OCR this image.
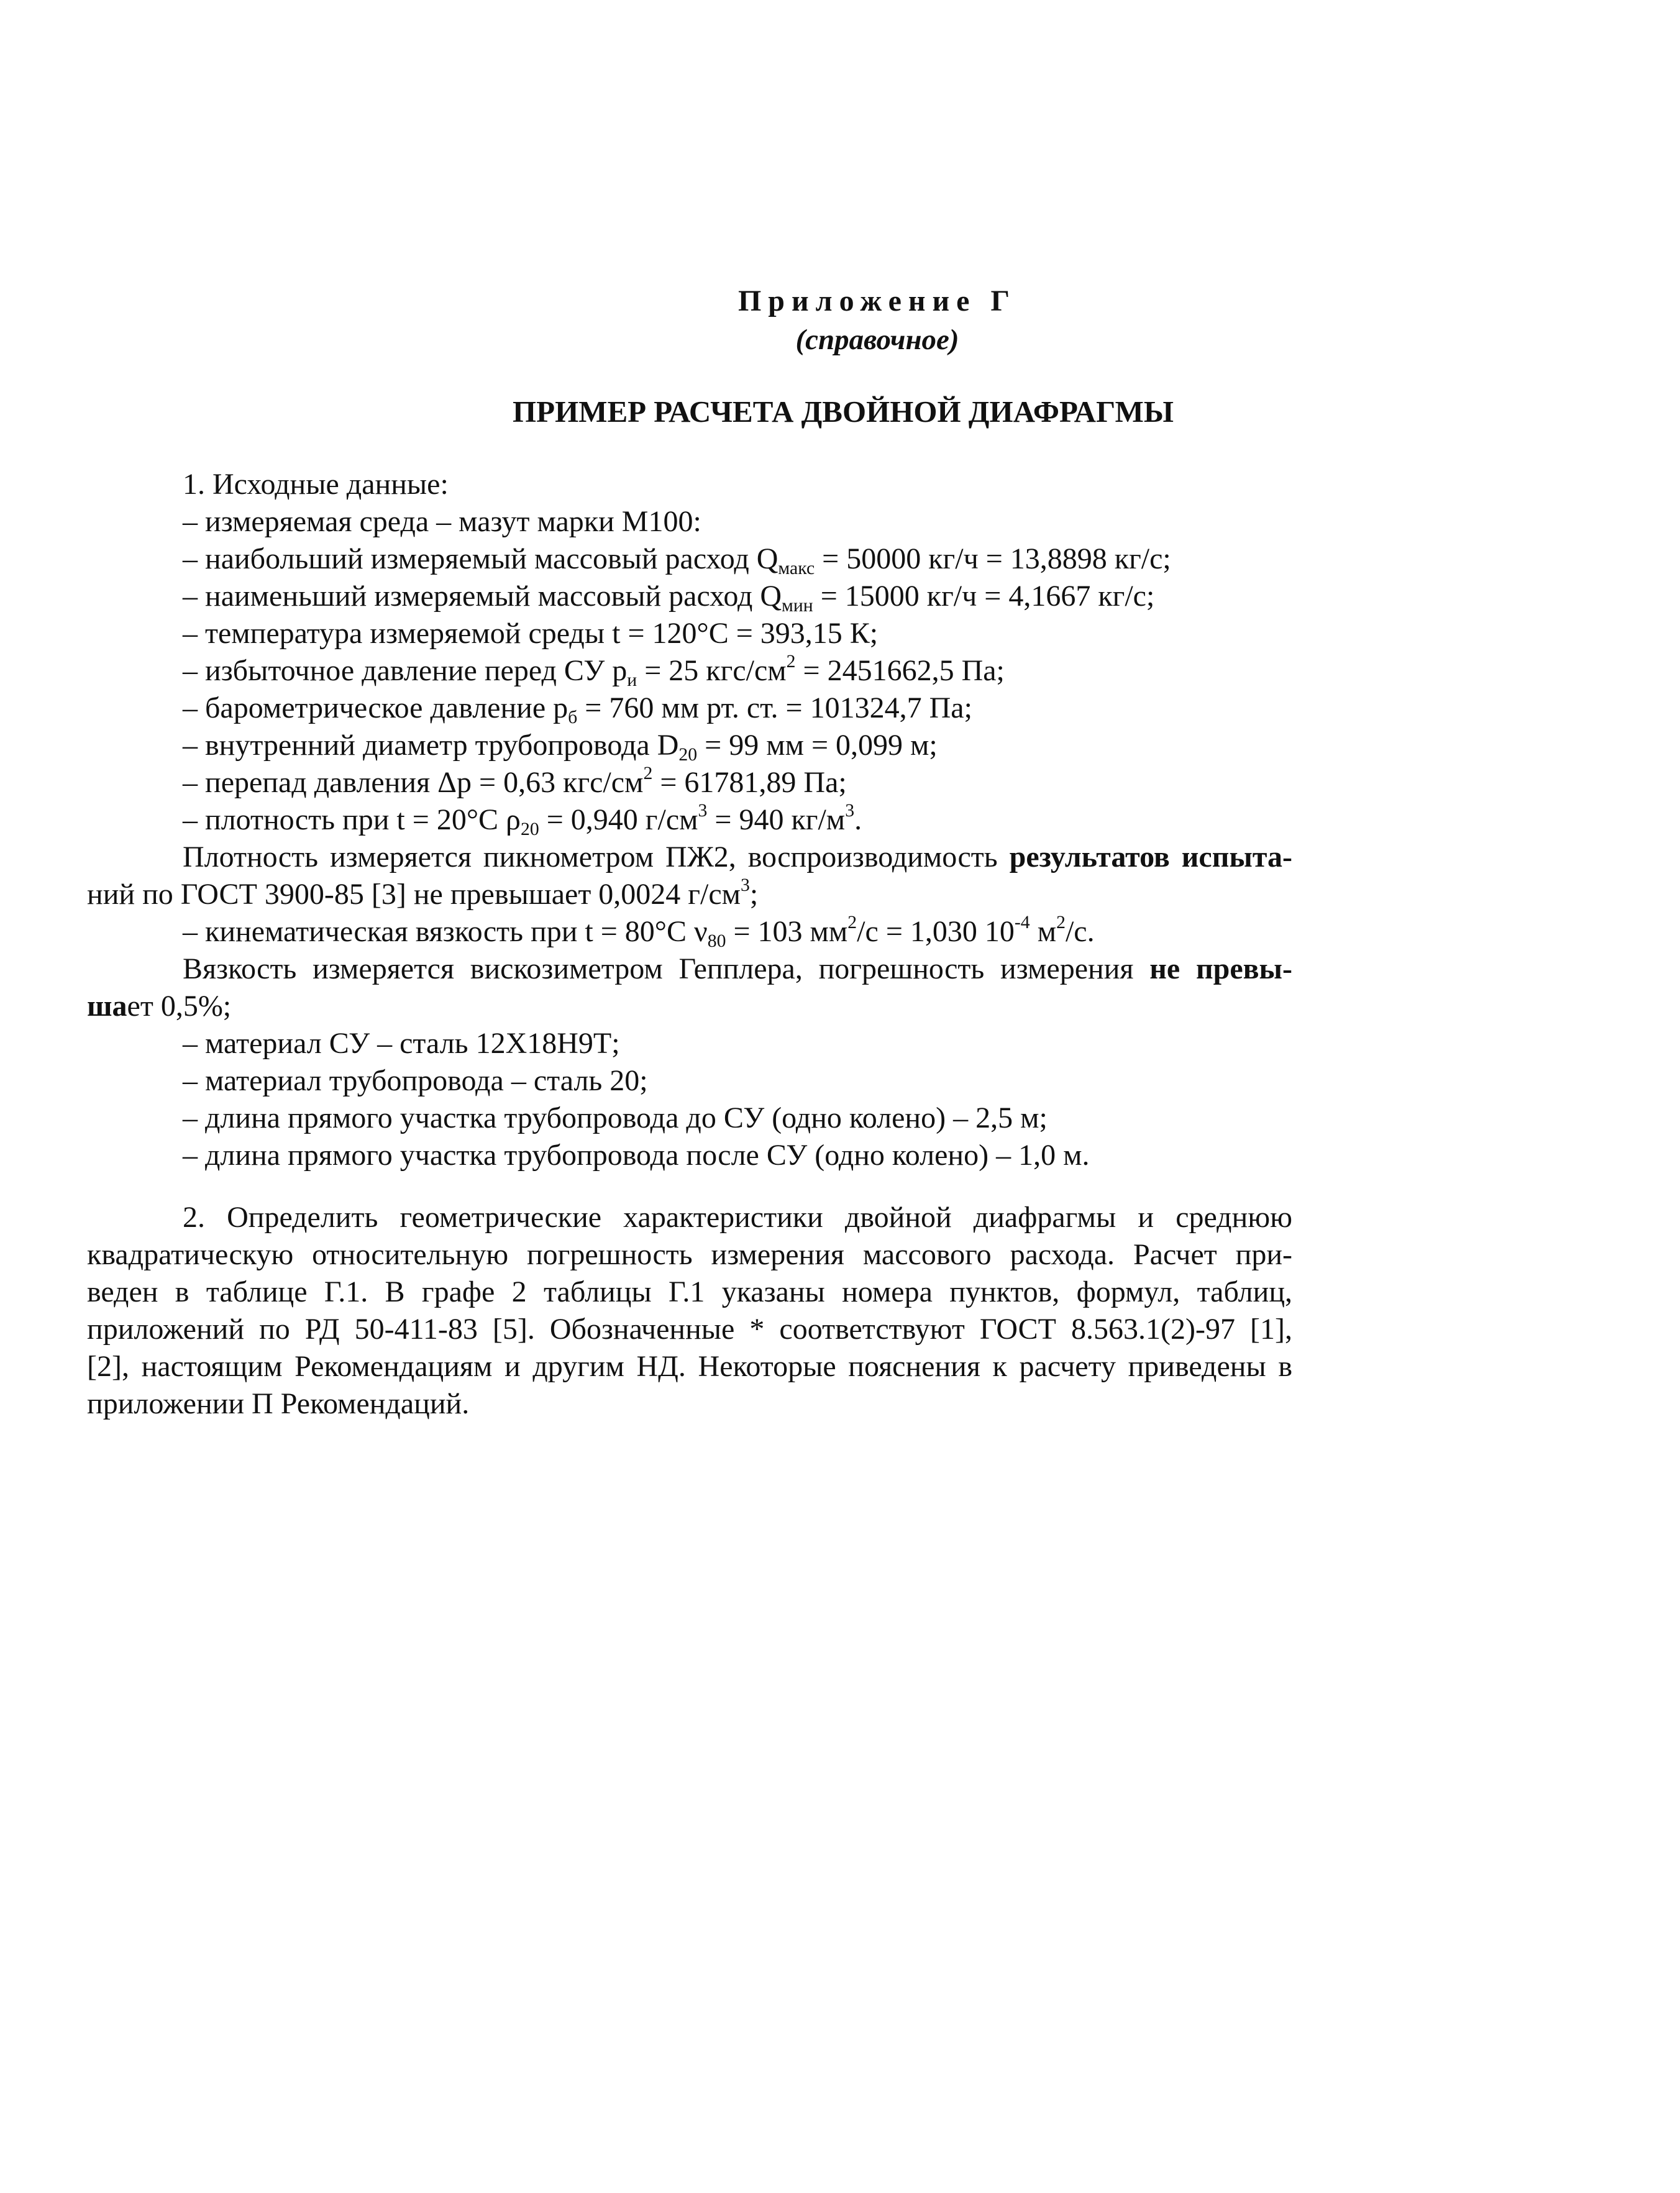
Приложение Г
(справочное)
ПРИМЕР РАСЧЕТА ДВОЙНОЙ ДИАФРАГМЫ
1. Исходные данные:
– измеряемая среда – мазут марки М100:
– наибольший измеряемый массовый расход $Q_{макс} = 50000$ кг/ч = 13,8898 кг/с;
– наименьший измеряемый массовый расход $Q_{мин} = 15000$ кг/ч = 4,1667 кг/с;
– температура измеряемой среды t = 120°С = 393,15 К;
– избыточное давление перед СУ $р_и = 25$ кгс/$см^2 = 2451662,5$ Па;
– барометрическое давление $р_б = 760$ мм рт. ст. = 101324,7 Па;
– внутренний диаметр трубопровода $D_{20} = 99$ мм = 0,099 м;
– перепад давления Δр = 0,63 кгс/$см^2 = 61781,89$ Па;
– плотность при t = 20°С $\rho_{20} = 0,940$ $г/см^3 = 940$ $кг/м^3$.
Плотность измеряется пикнометром ПЖ2, воспроизводимость результатов испыта-
ний по ГОСТ 3900-85 [3] не превышает 0,0024 $г/см^3$;
– кинематическая вязкость при t = 80°С $\nu_{80} = 103$ $мм^2/с = 1,030$ $10^{-4}$ $м^2/с$.
Вязкость измеряется вискозиметром Гепплера, погрешность измерения не превы-
шает 0,5%;
– материал СУ – сталь 12Х18Н9Т;
– материал трубопровода – сталь 20;
– длина прямого участка трубопровода до СУ (одно колено) – 2,5 м;
– длина прямого участка трубопровода после СУ (одно колено) – 1,0 м.
2. Определить геометрические характеристики двойной диафрагмы и среднюю
квадратическую относительную погрешность измерения массового расхода. Расчет при-
веден в таблице Г.1. В графе 2 таблицы Г.1 указаны номера пунктов, формул, таблиц,
приложений по РД 50-411-83 [5]. Обозначенные * соответствуют ГОСТ 8.563.1(2)-97 [1],
[2], настоящим Рекомендациям и другим НД. Некоторые пояснения к расчету приведены в
приложении П Рекомендаций.
